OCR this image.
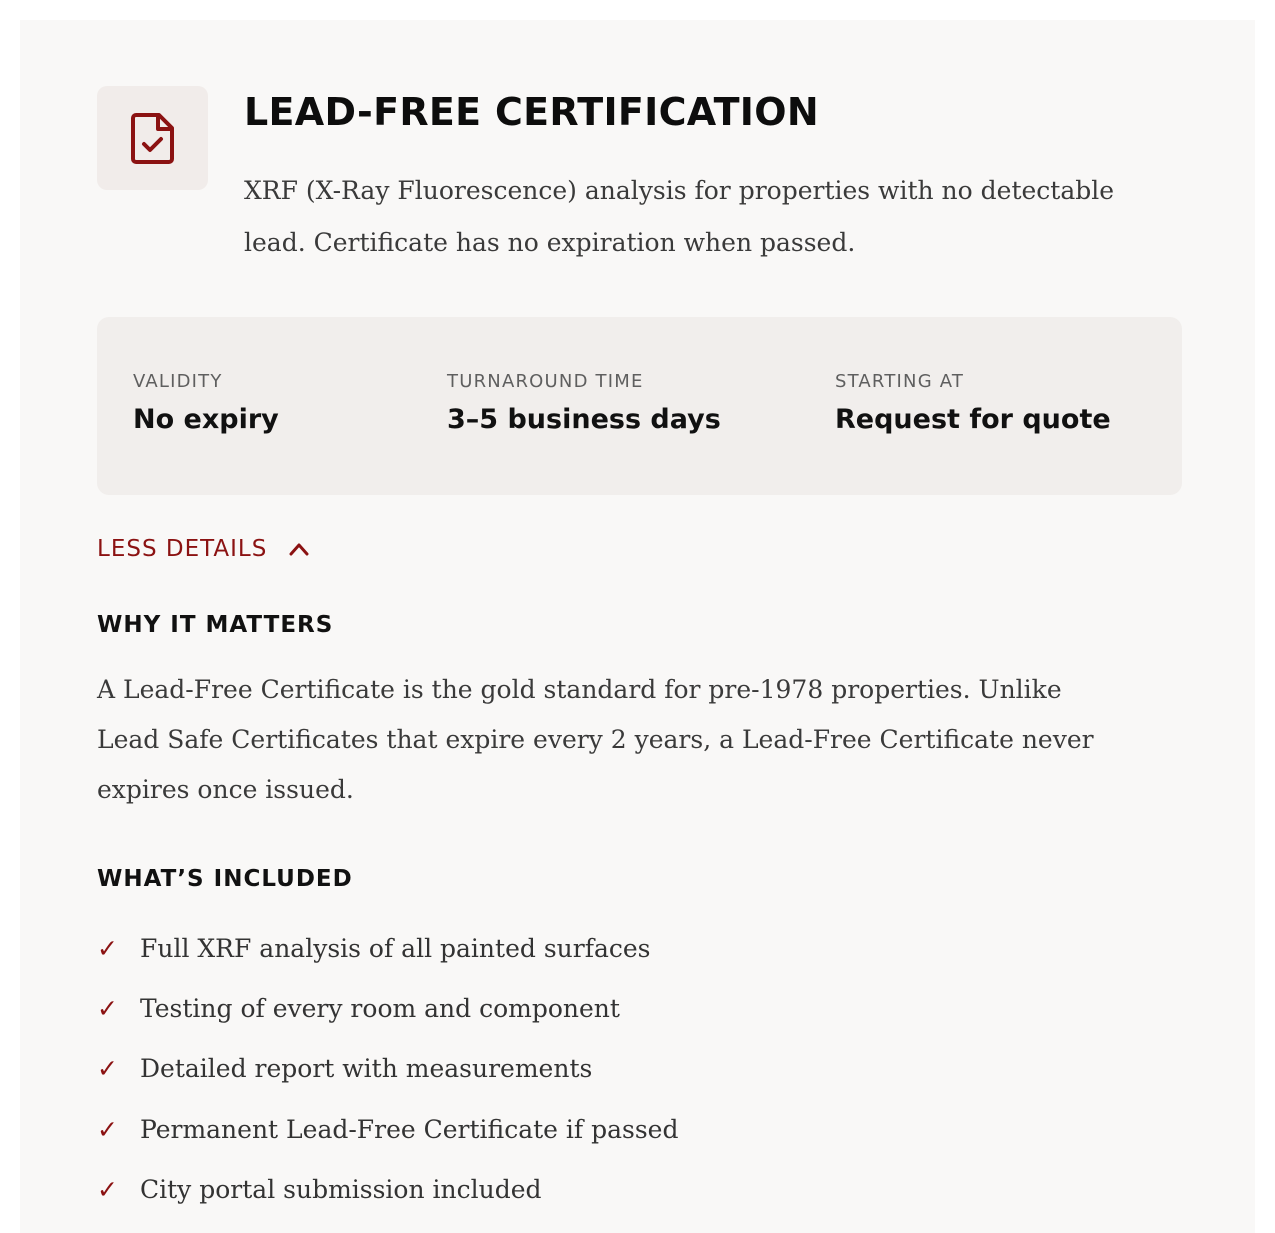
LEAD-FREE CERTIFICATION

XRF (X-Ray Fluorescence) analysis for properties with no detectable lead. Certificate has no expiration when passed.

VALIDITY
No expiry
TURNAROUND TIME
3–5 business days
STARTING AT
Request for quote
LESS DETAILS
WHY IT MATTERS

A Lead-Free Certificate is the gold standard for pre-1978 properties. Unlike Lead Safe Certificates that expire every 2 years, a Lead-Free Certificate never expires once issued.

WHAT’S INCLUDED
✓ Full XRF analysis of all painted surfaces
✓ Testing of every room and component
✓ Detailed report with measurements
✓ Permanent Lead-Free Certificate if passed
✓ City portal submission included
